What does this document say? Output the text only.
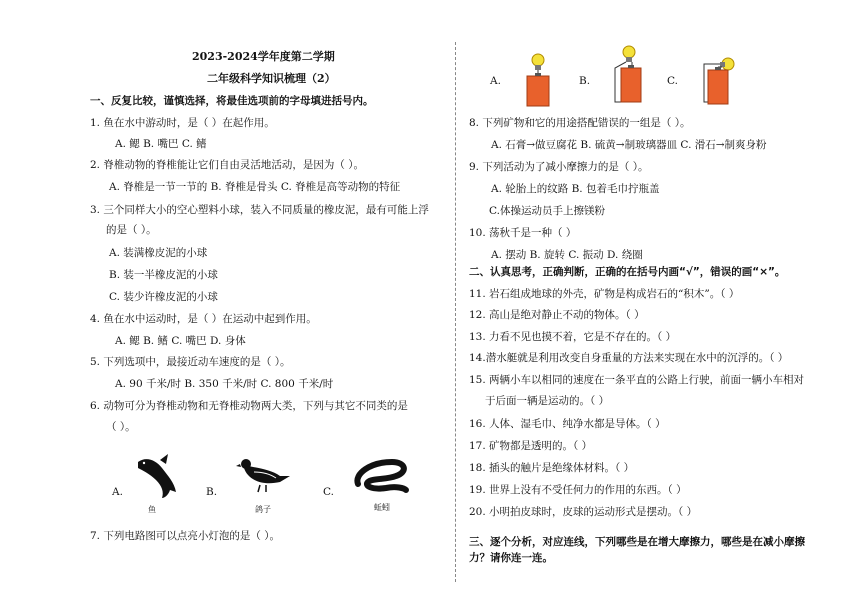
2023-2024学年度第二学期
二年级科学知识梳理（2）
一、反复比较，谨慎选择，将最佳选项前的字母填进括号内。
1. 鱼在水中游动时，是（ ）在起作用。
A. 鳃 B. 嘴巴 C. 鳍
2. 脊椎动物的脊椎能让它们自由灵活地活动，是因为（ ）。
A. 脊椎是一节一节的 B. 脊椎是骨头 C. 脊椎是高等动物的特征
3. 三个同样大小的空心塑料小球，装入不同质量的橡皮泥，最有可能上浮
的是（ ）。
A. 装满橡皮泥的小球
B. 装一半橡皮泥的小球
C. 装少许橡皮泥的小球
4. 鱼在水中运动时，是（ ）在运动中起到作用。
A. 鳃 B. 鳍 C. 嘴巴 D. 身体
5. 下列选项中，最接近动车速度的是（ ）。
A. 90 千米/时 B. 350 千米/时 C. 800 千米/时
6. 动物可分为脊椎动物和无脊椎动物两大类，下列与其它不同类的是
（ ）。
A.
鱼
B.
鸽子
C.
蚯蚓
7. 下列电路图可以点亮小灯泡的是（ ）。
A.	B.	C.
8. 下列矿物和它的用途搭配错误的一组是（ ）。
A. 石膏→做豆腐花 B. 硫黄→制玻璃器皿 C. 滑石→制爽身粉
9. 下列活动为了减小摩擦力的是（ ）。
A. 轮胎上的纹路 B. 包着毛巾拧瓶盖
C.体操运动员手上擦镁粉
10. 荡秋千是一种（ ）
A. 摆动 B. 旋转 C. 振动 D. 绕圈
二、认真思考，正确判断，正确的在括号内画“√”，错误的画“×”。
11. 岩石组成地球的外壳，矿物是构成岩石的“积木”。（ ）
12. 高山是绝对静止不动的物体。（ ）
13. 力看不见也摸不着，它是不存在的。（ ）
14.潜水艇就是利用改变自身重量的方法来实现在水中的沉浮的。（ ）
15. 两辆小车以相同的速度在一条平直的公路上行驶，前面一辆小车相对
于后面一辆是运动的。（ ）
16. 人体、湿毛巾、纯净水都是导体。（ ）
17. 矿物都是透明的。（ ）
18. 插头的触片是绝缘体材料。（ ）
19. 世界上没有不受任何力的作用的东西。（ ）
20. 小明拍皮球时，皮球的运动形式是摆动。（ ）
三、逐个分析，对应连线，下列哪些是在增大摩擦力，哪些是在减小摩擦
力？请你连一连。
